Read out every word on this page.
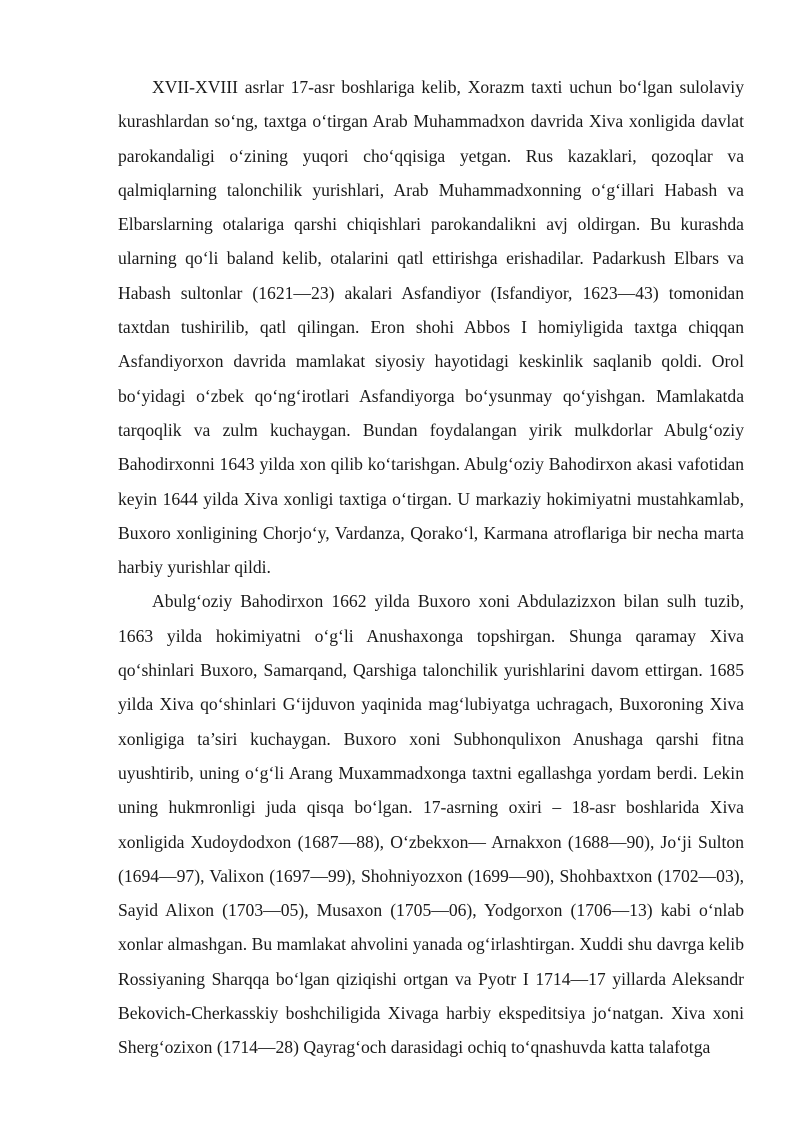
XVII-XVIII asrlar 17-asr boshlariga kelib, Xorazm taxti uchun bo‘lgan sulolaviy kurashlardan so‘ng, taxtga o‘tirgan Arab Muhammadxon davrida Xiva xonligida davlat parokandaligi o‘zining yuqori cho‘qqisiga yetgan. Rus kazaklari, qozoqlar va qalmiqlarning talonchilik yurishlari, Arab Muhammadxonning o‘g‘illari Habash va Elbarslarning otalariga qarshi chiqishlari parokandalikni avj oldirgan. Bu kurashda ularning qo‘li baland kelib, otalarini qatl ettirishga erishadilar. Padarkush Elbars va Habash sultonlar (1621—23) akalari Asfandiyor (Isfandiyor, 1623—43) tomonidan taxtdan tushirilib, qatl qilingan. Eron shohi Abbos I homiyligida taxtga chiqqan Asfandiyorxon davrida mamlakat siyosiy hayotidagi keskinlik saqlanib qoldi. Orol bo‘yidagi o‘zbek qo‘ng‘irotlari Asfandiyorga bo‘ysunmay qo‘yishgan. Mamlakatda tarqoqlik va zulm kuchaygan. Bundan foydalangan yirik mulkdorlar Abulg‘oziy Bahodirxonni 1643 yilda xon qilib ko‘tarishgan. Abulg‘oziy Bahodirxon akasi vafotidan keyin 1644 yilda Xiva xonligi taxtiga o‘tirgan. U markaziy hokimiyatni mustahkamlab, Buxoro xonligining Chorjo‘y, Vardanza, Qorako‘l, Karmana atroflariga bir necha marta harbiy yurishlar qildi.

Abulg‘oziy Bahodirxon 1662 yilda Buxoro xoni Abdulazizxon bilan sulh tuzib, 1663 yilda hokimiyatni o‘g‘li Anushaxonga topshirgan. Shunga qaramay Xiva qo‘shinlari Buxoro, Samarqand, Qarshiga talonchilik yurishlarini davom ettirgan. 1685 yilda Xiva qo‘shinlari G‘ijduvon yaqinida mag‘lubiyatga uchragach, Buxoroning Xiva xonligiga ta’siri kuchaygan. Buxoro xoni Subhonqulixon Anushaga qarshi fitna uyushtirib, uning o‘g‘li Arang Muxammadxonga taxtni egallashga yordam berdi. Lekin uning hukmronligi juda qisqa bo‘lgan. 17-asrning oxiri – 18-asr boshlarida Xiva xonligida Xudoydodxon (1687—88), O‘zbekxon— Arnakxon (1688—90), Jo‘ji Sulton (1694—97), Valixon (1697—99), Shohniyozxon (1699—90), Shohbaxtxon (1702—03), Sayid Alixon (1703—05), Musaxon (1705—06), Yodgorxon (1706—13) kabi o‘nlab xonlar almashgan. Bu mamlakat ahvolini yanada og‘irlashtirgan. Xuddi shu davrga kelib Rossiyaning Sharqqa bo‘lgan qiziqishi ortgan va Pyotr I 1714—17 yillarda Aleksandr Bekovich-Cherkasskiy boshchiligida Xivaga harbiy ekspeditsiya jo‘natgan. Xiva xoni Sherg‘ozixon (1714—28) Qayrag‘och darasidagi ochiq to‘qnashuvda katta talafotga
